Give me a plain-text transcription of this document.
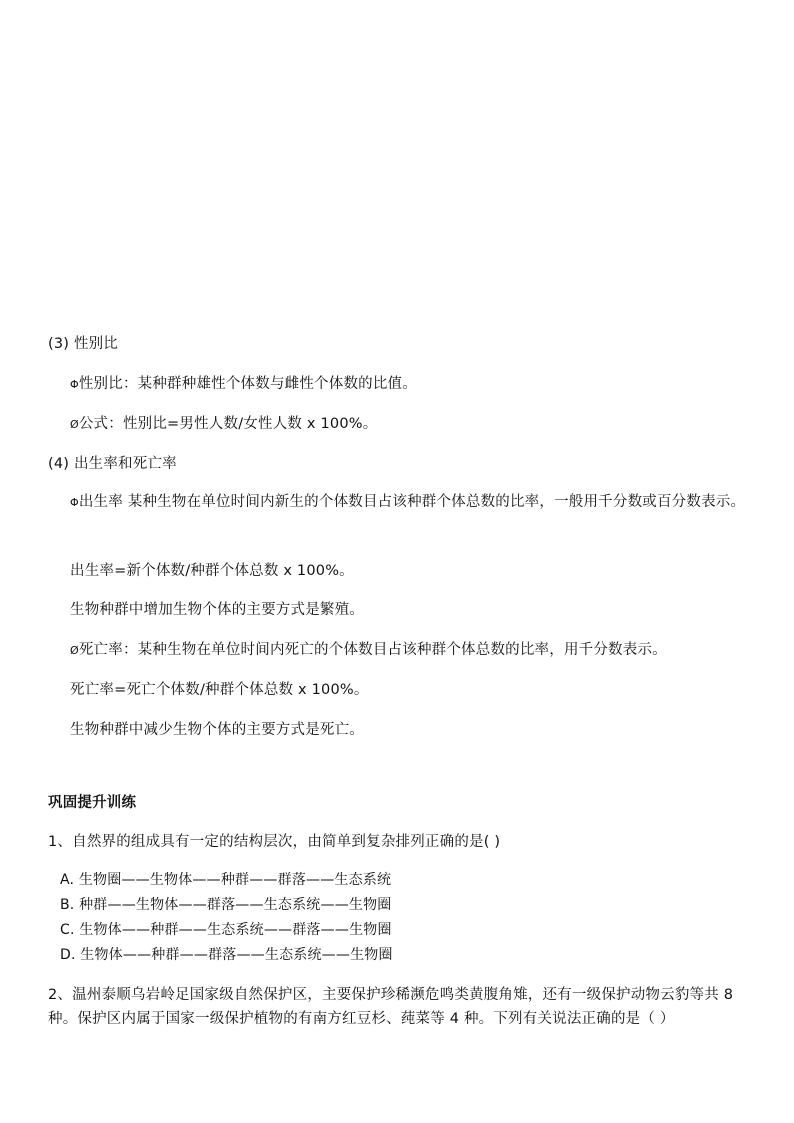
(3) 性别比
Φ性别比：某种群种雄性个体数与雌性个体数的比值。
Ø公式：性别比=男性人数/女性人数 x 100%。
(4) 出生率和死亡率
Φ出生率 某种生物在单位时间内新生的个体数目占该种群个体总数的比率，一般用千分数或百分数表示。
出生率=新个体数/种群个体总数 x 100%。
生物种群中增加生物个体的主要方式是繁殖。
Ø死亡率：某种生物在单位时间内死亡的个体数目占该种群个体总数的比率，用千分数表示。
死亡率=死亡个体数/种群个体总数 x 100%。
生物种群中减少生物个体的主要方式是死亡。
巩固提升训练
1、自然界的组成具有一定的结构层次，由简单到复杂排列正确的是( )
A. 生物圈——生物体——种群——群落——生态系统
B. 种群——生物体——群落——生态系统——生物圈
C. 生物体——种群——生态系统——群落——生物圈
D. 生物体——种群——群落——生态系统——生物圈
2、温州泰顺乌岩岭足国家级自然保护区，主要保护珍稀濒危鸣类黄腹角雉，还有一级保护动物云豹等共 8 种。保护区内属于国家一级保护植物的有南方红豆杉、莼菜等 4 种。下列有关说法正确的是（ ）
